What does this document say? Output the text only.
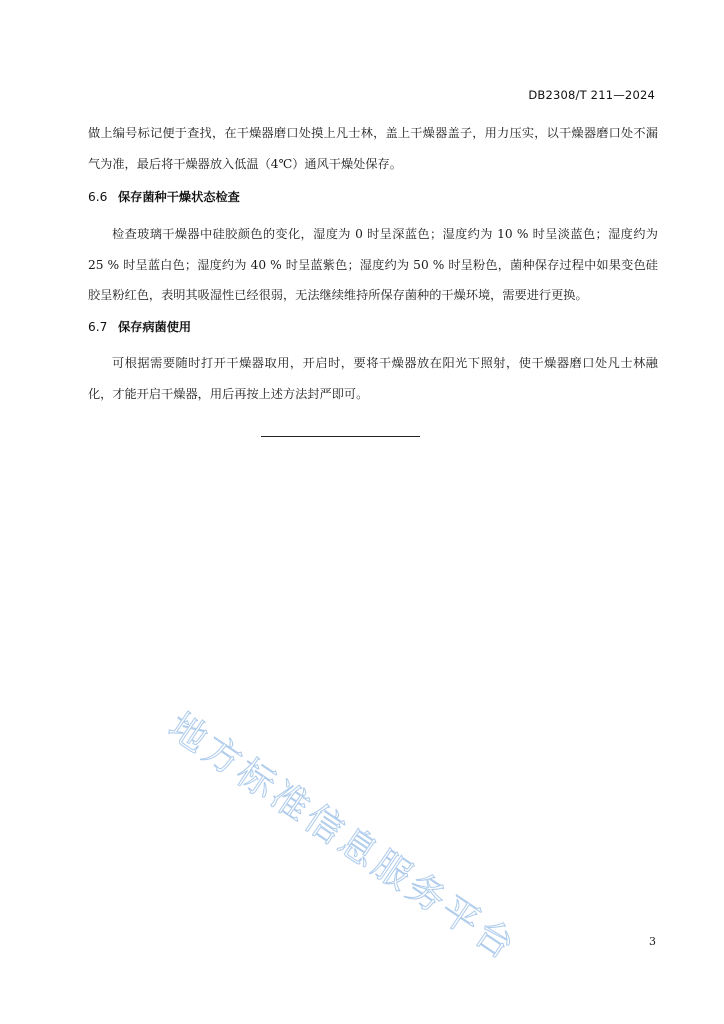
DB2308/T 211—2024

做上编号标记便于查找，在干燥器磨口处摸上凡士林，盖上干燥器盖子，用力压实，以干燥器磨口处不漏气为准，最后将干燥器放入低温（4℃）通风干燥处保存。

6.6 保存菌种干燥状态检查

检查玻璃干燥器中硅胶颜色的变化，湿度为 0 时呈深蓝色；湿度约为 10 % 时呈淡蓝色；湿度约为 25 % 时呈蓝白色；湿度约为 40 % 时呈蓝紫色；湿度约为 50 % 时呈粉色，菌种保存过程中如果变色硅胶呈粉红色，表明其吸湿性已经很弱，无法继续维持所保存菌种的干燥环境，需要进行更换。

6.7 保存病菌使用

可根据需要随时打开干燥器取用，开启时，要将干燥器放在阳光下照射，使干燥器磨口处凡士林融化，才能开启干燥器，用后再按上述方法封严即可。

地方标准信息服务平台	3
